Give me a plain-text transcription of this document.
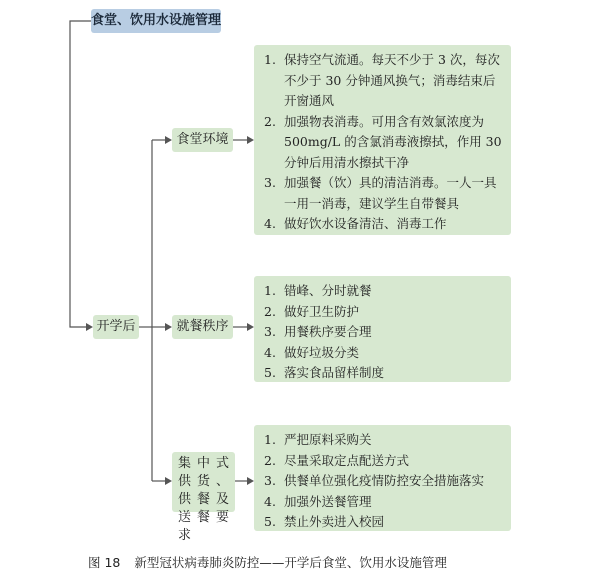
食堂、饮用水设施管理
开学后
食堂环境
就餐秩序
集中式供货、供餐及送餐要求
1. 保持空气流通。每天不少于 3 次，每次不少于 30 分钟通风换气；消毒结束后开窗通风
2. 加强物表消毒。可用含有效氯浓度为500mg/L 的含氯消毒液擦拭，作用 30 分钟后用清水擦拭干净
3. 加强餐（饮）具的清洁消毒。一人一具一用一消毒，建议学生自带餐具
4. 做好饮水设备清洁、消毒工作
1. 错峰、分时就餐
2. 做好卫生防护
3. 用餐秩序要合理
4. 做好垃圾分类
5. 落实食品留样制度
1. 严把原料采购关
2. 尽量采取定点配送方式
3. 供餐单位强化疫情防控安全措施落实
4. 加强外送餐管理
5. 禁止外卖进入校园
图 18 新型冠状病毒肺炎防控——开学后食堂、饮用水设施管理
